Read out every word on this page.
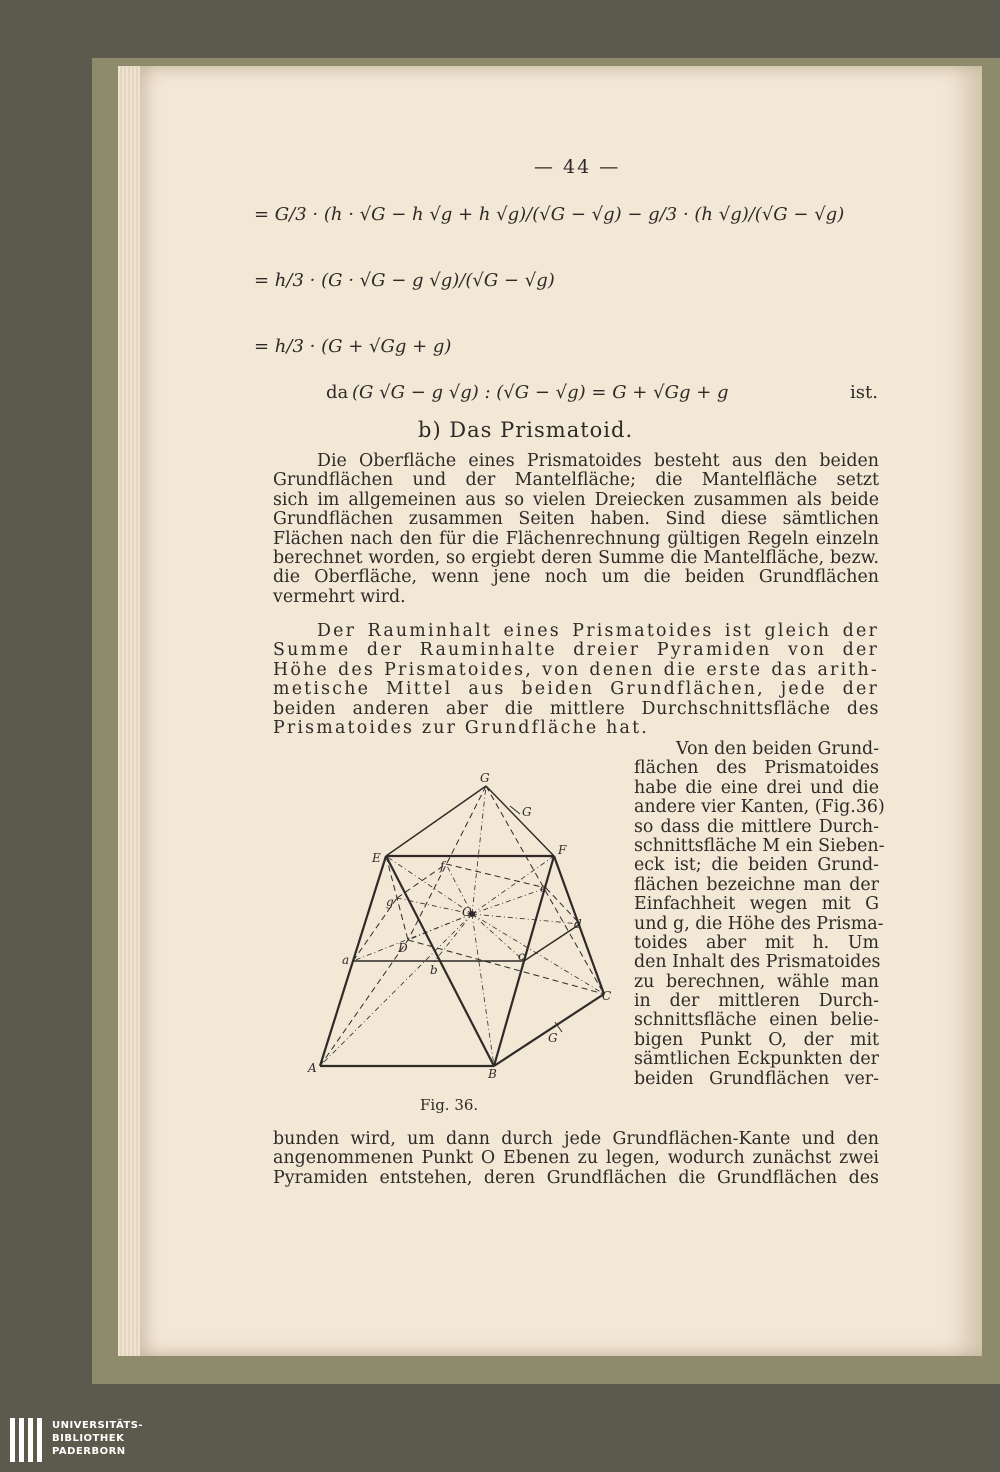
— 44 —
= G/3 · (h · √G − h √g + h √g)/(√G − √g) − g/3 · (h √g)/(√G − √g)
= h/3 · (G · √G − g √g)/(√G − √g)
= h/3 · (G + √Gg + g)
da (G √G − g √g) : (√G − √g) = G + √Gg + g	ist.
b) Das Prismatoid.
Die Oberfläche eines Prismatoides besteht aus den beiden
Grundflächen und der Mantelfläche; die Mantelfläche setzt
sich im allgemeinen aus so vielen Dreiecken zusammen als beide
Grundflächen zusammen Seiten haben. Sind diese sämtlichen
Flächen nach den für die Flächenrechnung gültigen Regeln einzeln
berechnet worden, so ergiebt deren Summe die Mantelfläche, bezw.
die Oberfläche, wenn jene noch um die beiden Grundflächen
vermehrt wird.
Der Rauminhalt eines Prismatoides ist gleich der
Summe der Rauminhalte dreier Pyramiden von der
Höhe des Prismatoides, von denen die erste das arith-
metische Mittel aus beiden Grundflächen, jede der
beiden anderen aber die mittlere Durchschnittsfläche des
Prismatoides zur Grundfläche hat.
Von den beiden Grund-
flächen des Prismatoides
habe die eine drei und die
andere vier Kanten, (Fig.36)
so dass die mittlere Durch-
schnittsfläche M ein Sieben-
eck ist; die beiden Grund-
flächen bezeichne man der
Einfachheit wegen mit G
und g, die Höhe des Prisma-
toides aber mit h. Um
den Inhalt des Prismatoides
zu berechnen, wähle man
in der mittleren Durch-
schnittsfläche einen belie-
bigen Punkt O, der mit
sämtlichen Eckpunkten der
beiden Grundflächen ver-
bunden wird, um dann durch jede Grundflächen-Kante und den
angenommenen Punkt O Ebenen zu legen, wodurch zunächst zwei
Pyramiden entstehen, deren Grundflächen die Grundflächen des
G
G
E
F
f
e
g
O
d
D
a
b
c
C
G
A	B
Fig. 36.
UNIVERSITÄTS-
BIBLIOTHEK
PADERBORN
